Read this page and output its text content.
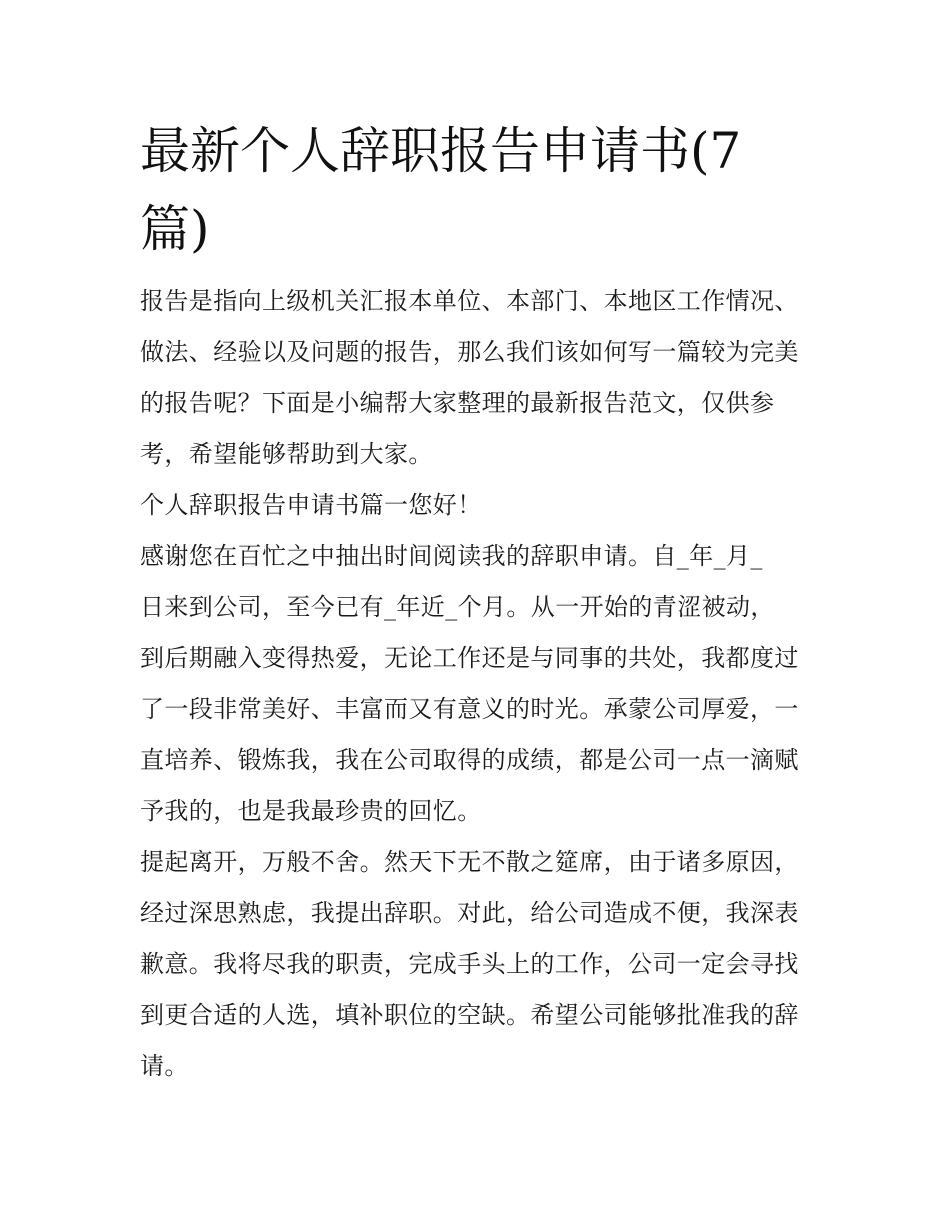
最新个人辞职报告申请书(7
篇)

报告是指向上级机关汇报本单位、本部门、本地区工作情况、
做法、经验以及问题的报告，那么我们该如何写一篇较为完美
的报告呢？下面是小编帮大家整理的最新报告范文，仅供参
考，希望能够帮助到大家。

个人辞职报告申请书篇一您好！

感谢您在百忙之中抽出时间阅读我的辞职申请。自_年_月_
日来到公司，至今已有_年近_个月。从一开始的青涩被动，
到后期融入变得热爱，无论工作还是与同事的共处，我都度过
了一段非常美好、丰富而又有意义的时光。承蒙公司厚爱，一
直培养、锻炼我，我在公司取得的成绩，都是公司一点一滴赋
予我的，也是我最珍贵的回忆。

提起离开，万般不舍。然天下无不散之筵席，由于诸多原因，
经过深思熟虑，我提出辞职。对此，给公司造成不便，我深表
歉意。我将尽我的职责，完成手头上的工作，公司一定会寻找
到更合适的人选，填补职位的空缺。希望公司能够批准我的辞
请。
